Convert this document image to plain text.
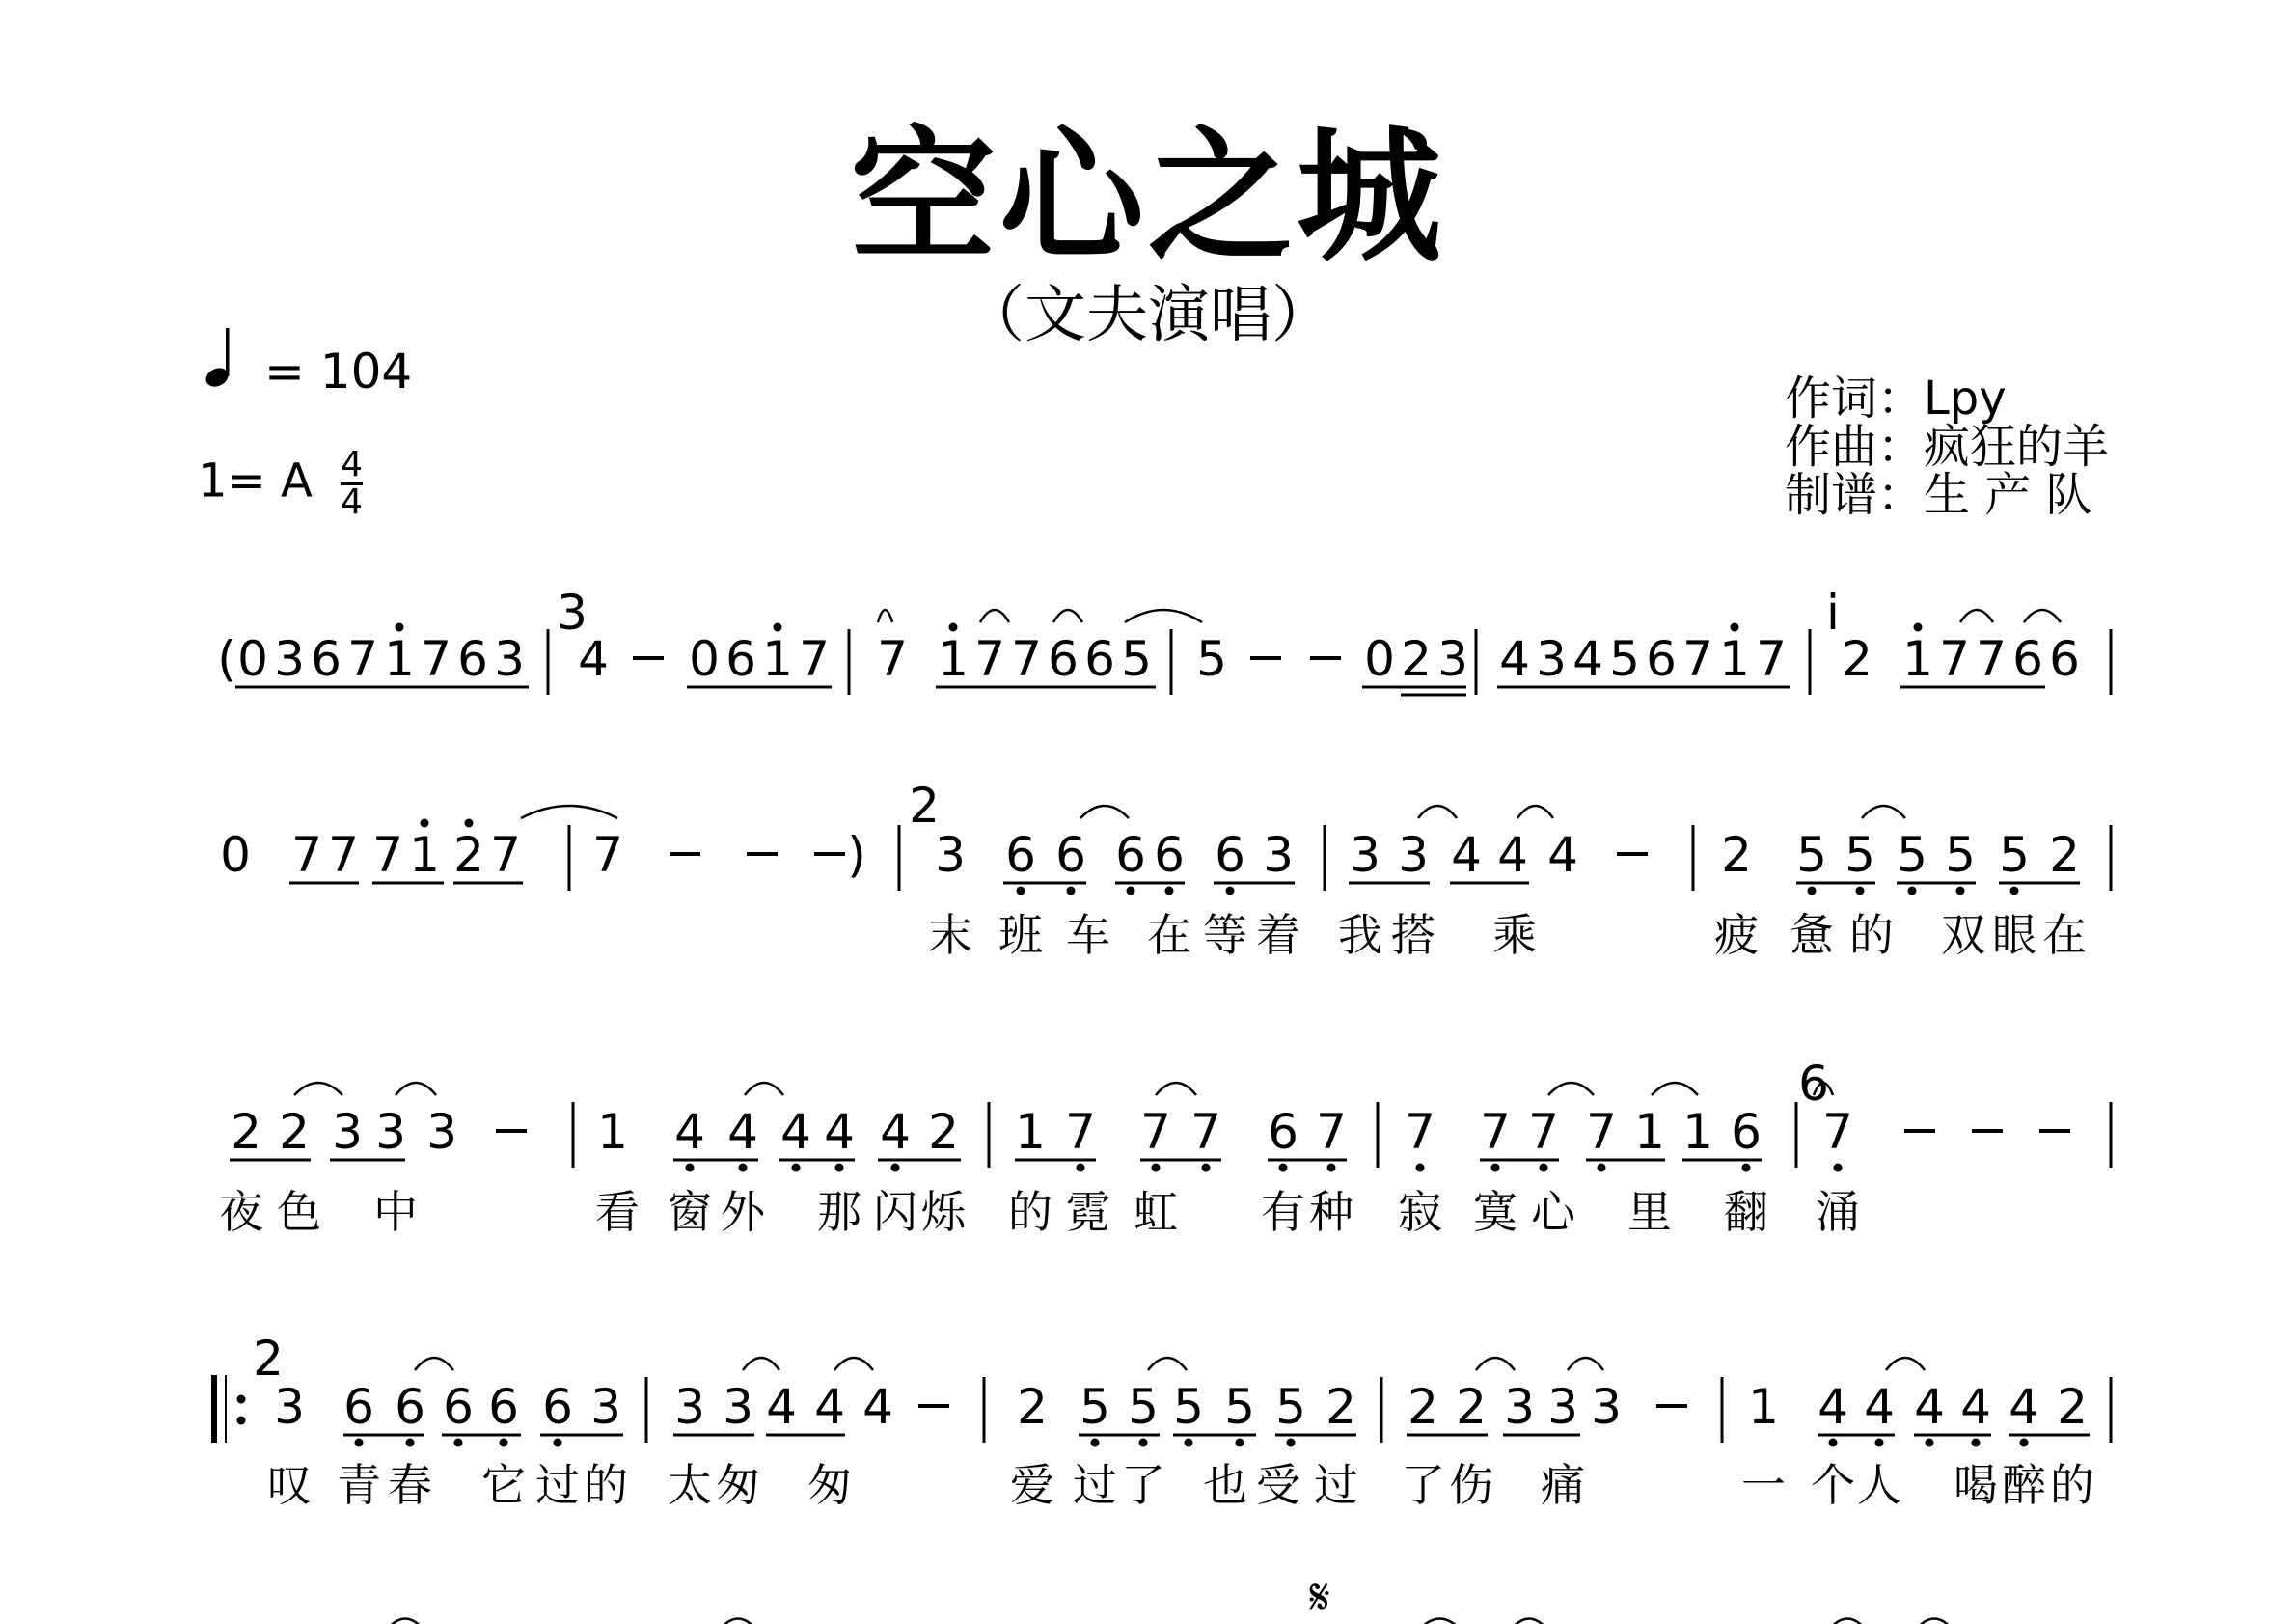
空心之城
（文夫演唱）
= 104
1= A $\frac{4}{4}$
作词：Lpy
作曲：疯狂的羊
制谱：生 产 队
( 0 3 6 7 1 7 6 3 4 0 6 1 7 7 1 7 7 6 6 5 5	0 2 3 4 3 4 5 6 7 1 7 2 1 7 7 6 6
3	i
0 7 7 7 1 2 7 7	) 3 6 6 6 6 6 3 3 3 4 4 4	2 5 5 5 5 5 2
2
末 班 车 在 等 着 我 搭 乘	疲 惫 的 双 眼 在
2 2 3 3 3	1 4 4 4 4 4 2 1 7 7 7 6 7 7 7 7 7 1 1 6 7
6
夜 色 中	看 窗 外 那 闪 烁 的 霓 虹 有 种 寂 寞 心 里 翻 涌
3 6 6 6 6 6 3 3 3 4 4 4	2 5 5 5 5 5 2 2 2 3 3 3	1 4 4 4 4 4 2
2
叹 青 春 它 过 的 太 匆 匆	爱 过 了 也 受 过 了 伤 痛	一 个 人 喝 醉 的
𝄋
